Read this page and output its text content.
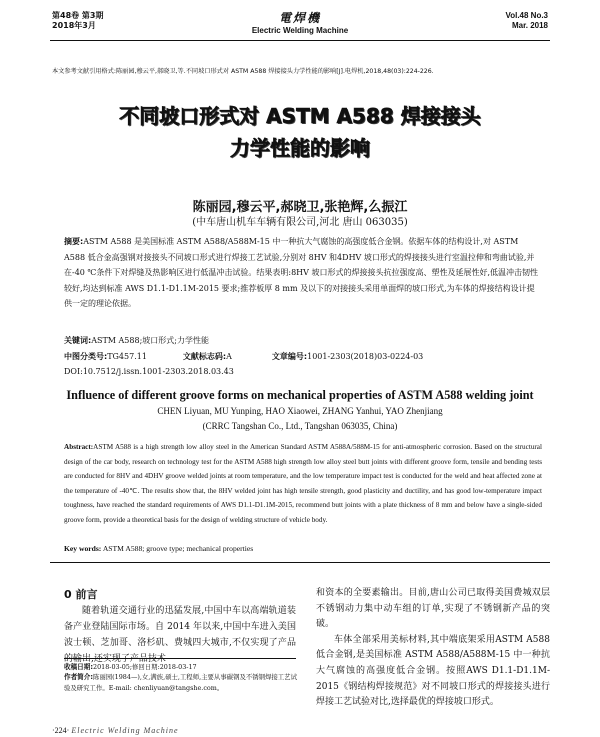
第48卷 第3期
2018年3月
電焊機
Electric Welding Machine
Vol.48 No.3
Mar. 2018
本文参考文献引用格式:陈丽园,穆云平,郝晓卫,等.不同坡口形式对 ASTM A588 焊接接头力学性能的影响[J].电焊机,2018,48(03):224-226.
不同坡口形式对 ASTM A588 焊接接头
力学性能的影响
陈丽园,穆云平,郝晓卫,张艳辉,么振江
(中车唐山机车车辆有限公司,河北 唐山 063035)
摘要:ASTM A588 是美国标准 ASTM A588/A588M-15 中一种抗大气腐蚀的高强度低合金钢。依据车体的结构设计,对 ASTM A588 低合金高强钢对接接头不同坡口形式进行焊接工艺试验,分别对 8HV 和4DHV 坡口形式的焊接接头进行室温拉伸和弯曲试验,并在-40 ℃条件下对焊缝及热影响区进行低温冲击试验。结果表明:8HV 坡口形式的焊接接头抗拉强度高、塑性及延展性好,低温冲击韧性较好,均达到标准 AWS D1.1-D1.1M-2015 要求;推荐板厚 8 mm 及以下的对接接头采用单面焊的坡口形式,为车体的焊接结构设计提供一定的理论依据。
关键词:ASTM A588;坡口形式;力学性能
中图分类号:TG457.11	文献标志码:A	文章编号:1001-2303(2018)03-0224-03
DOI:10.7512/j.issn.1001-2303.2018.03.43
Influence of different groove forms on mechanical properties of ASTM A588 welding joint
CHEN Liyuan, MU Yunping, HAO Xiaowei, ZHANG Yanhui, YAO Zhenjiang
(CRRC Tangshan Co., Ltd., Tangshan 063035, China)
Abstract:ASTM A588 is a high strength low alloy steel in the American Standard ASTM A588A/588M-15 for anti-atmospheric corrosion. Based on the structural design of the car body, research on technology test for the ASTM A588 high strength low alloy steel butt joints with different groove form, tensile and bending tests are conducted for 8HV and 4DHV groove welded joints at room temperature, and the low temperature impact test is conducted for the weld and heat affected zone at the temperature of -40℃. The results show that, the 8HV welded joint has high tensile strength, good plasticity and ductility, and has good low-temperature impact toughness, have reached the standard requirements of AWS D1.1-D1.1M-2015, recommend butt joints with a plate thickness of 8 mm and below have a single-sided groove form, provide a theoretical basis for the design of welding structure of vehicle body.
Key words: ASTM A588; groove type; mechanical properties
0 前言
随着轨道交通行业的迅猛发展,中国中车以高端轨道装备产业登陆国际市场。自 2014 年以来,中国中车进入美国波士顿、芝加哥、洛杉矶、费城四大城市,不仅实现了产品的输出,还实现了产品技术

和资本的全要素输出。目前,唐山公司已取得美国费城双层不锈钢动力集中动车组的订单,实现了不锈钢新产品的突破。

车体全部采用美标材料,其中端底架采用ASTM A588 低合金钢,是美国标准 ASTM A588/A588M-15 中一种抗大气腐蚀的高强度低合金钢。按照AWS D1.1-D1.1M-2015《钢结构焊接规范》对不同坡口形式的焊接接头进行焊接工艺试验对比,选择最优的焊接坡口形式。

收稿日期:2018-03-05;修回日期:2018-03-17
作者简介:陈丽园(1984—),女,满族,硕士,工程师,主要从事碳钢及不锈钢焊接工艺试验及研究工作。E-mail: chenliyuan@tangshe.com。
·224· Electric Welding Machine
